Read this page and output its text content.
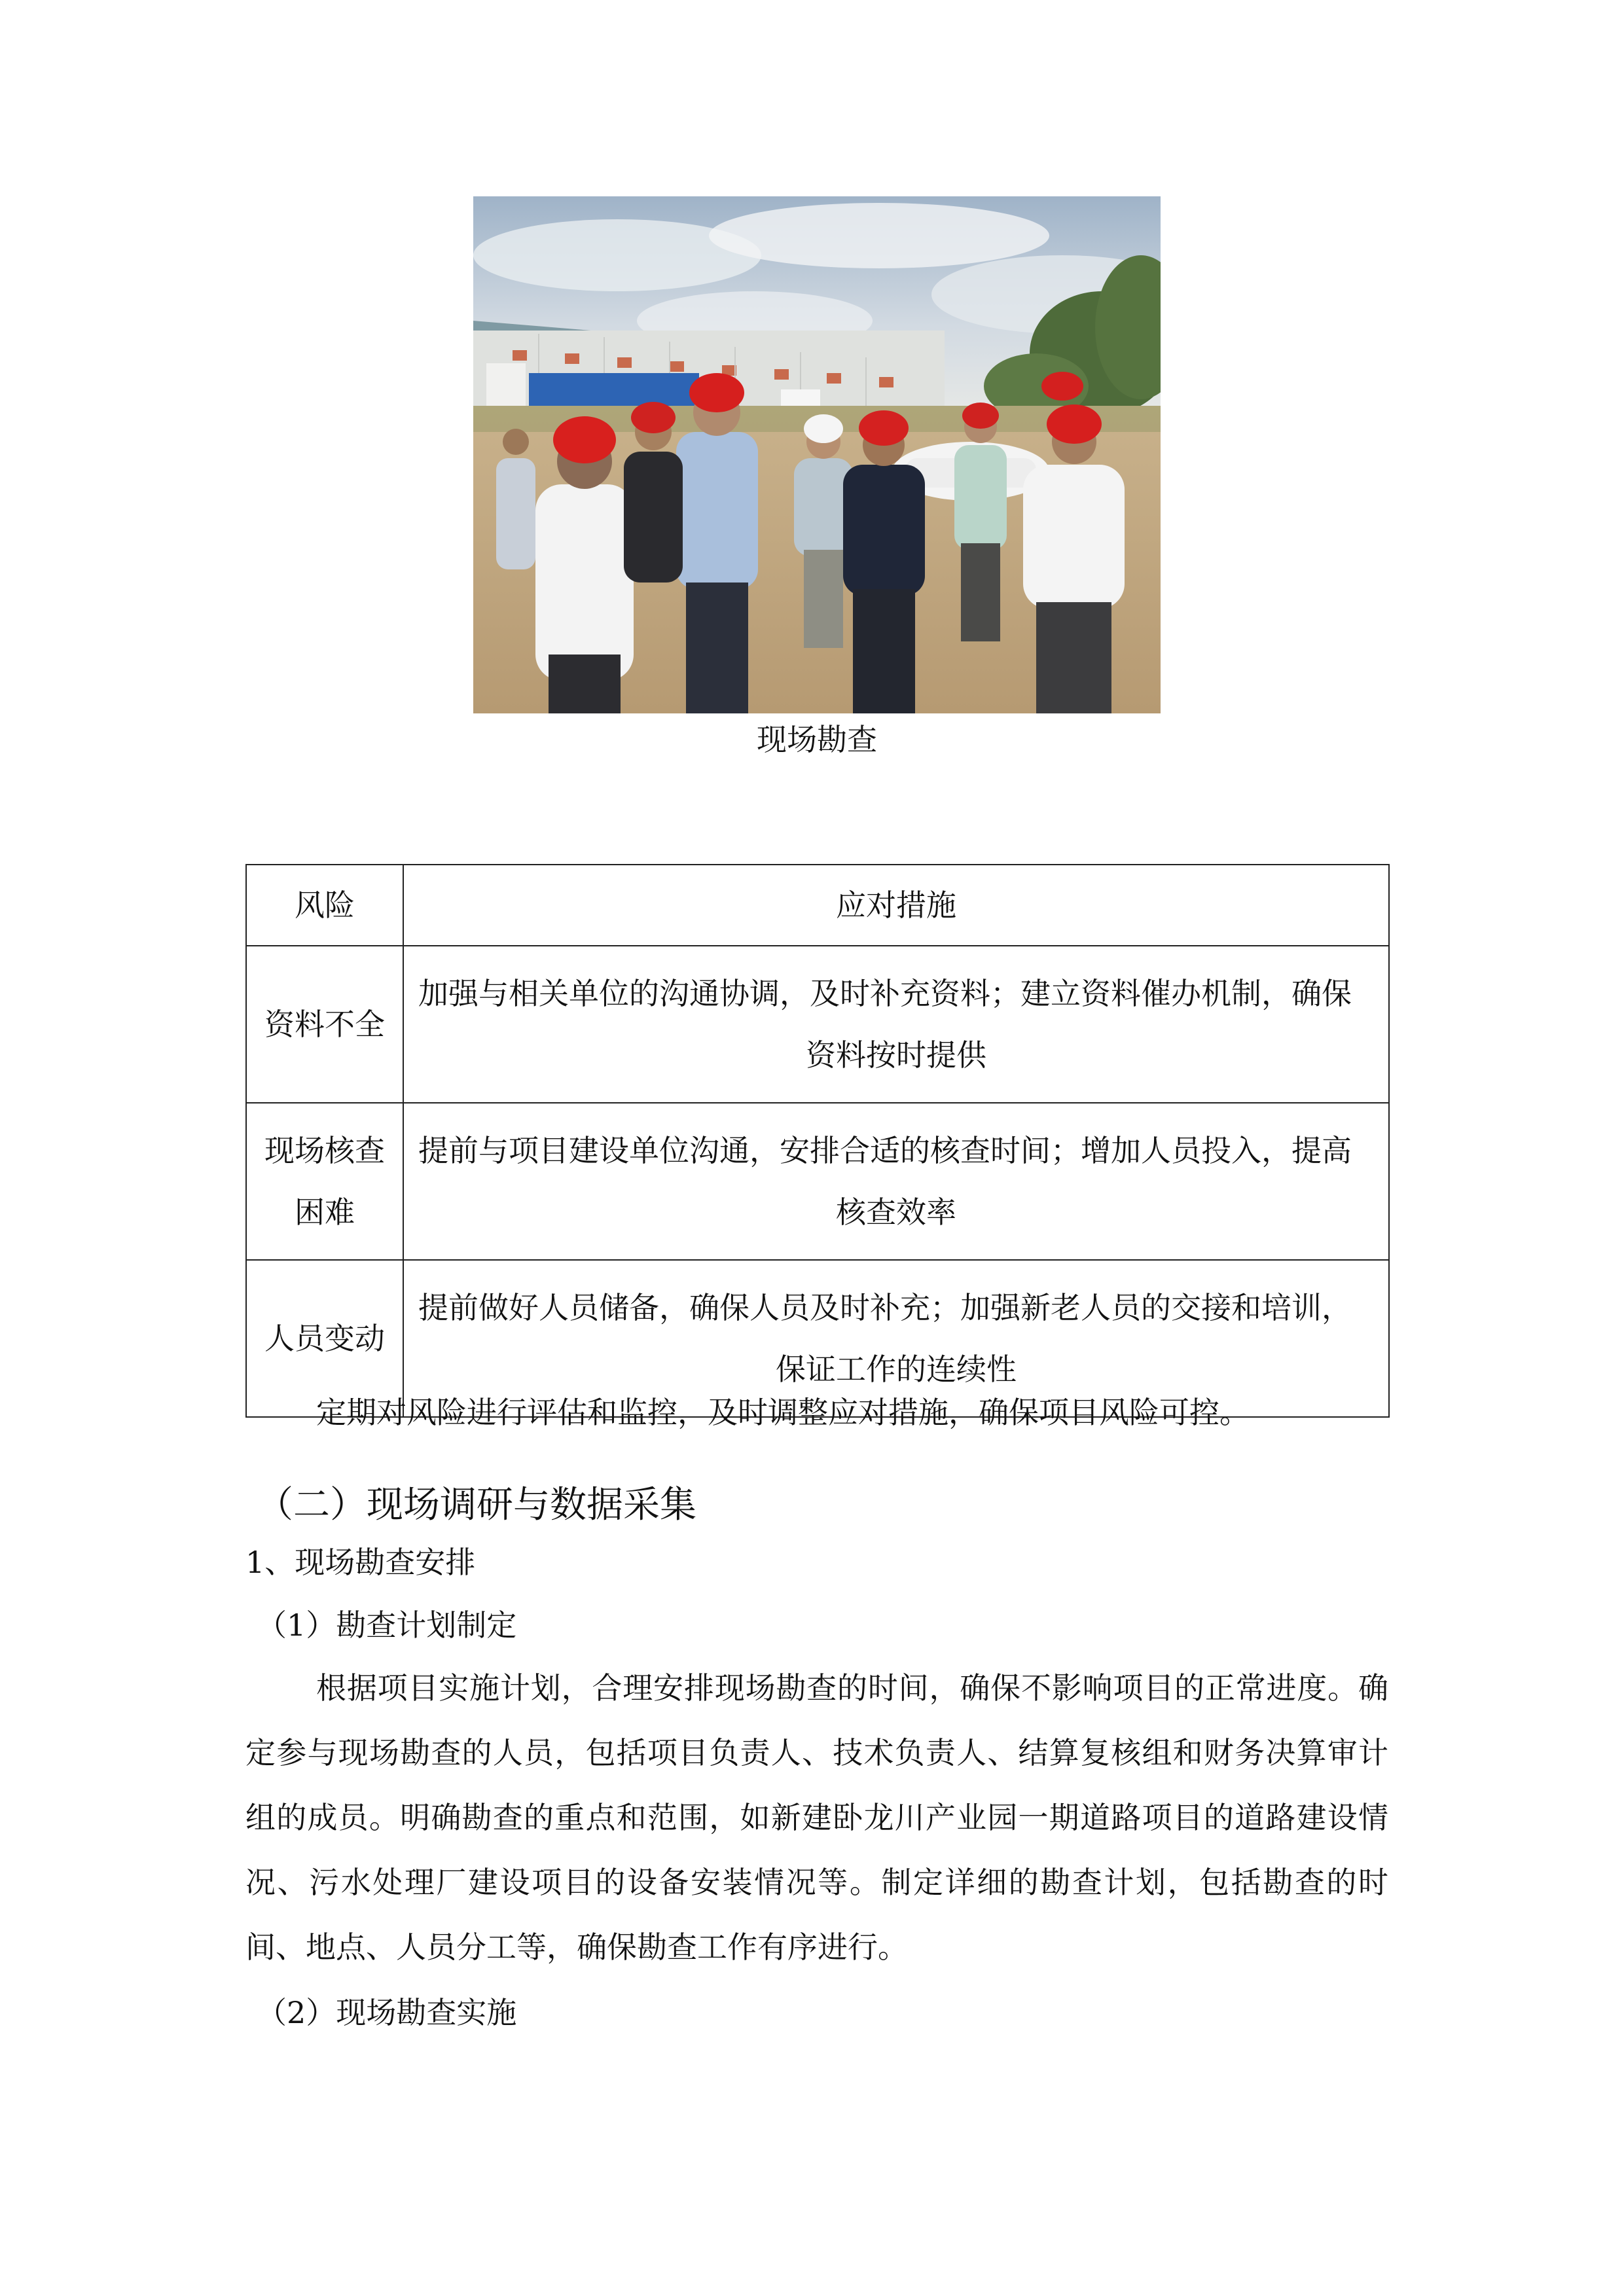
现场勘查
风险	应对措施
资料不全	加强与相关单位的沟通协调，及时补充资料；建立资料催办机制，确保资料按时提供
现场核查困难	提前与项目建设单位沟通，安排合适的核查时间；增加人员投入，提高核查效率
人员变动	提前做好人员储备，确保人员及时补充；加强新老人员的交接和培训，保证工作的连续性
定期对风险进行评估和监控，及时调整应对措施，确保项目风险可控。
（二）现场调研与数据采集
1、现场勘查安排
（1）勘查计划制定
根据项目实施计划，合理安排现场勘查的时间，确保不影响项目的正常进度。确定参与现场勘查的人员，包括项目负责人、技术负责人、结算复核组和财务决算审计组的成员。明确勘查的重点和范围，如新建卧龙川产业园一期道路项目的道路建设情况、污水处理厂建设项目的设备安装情况等。制定详细的勘查计划，包括勘查的时间、地点、人员分工等，确保勘查工作有序进行。
（2）现场勘查实施
